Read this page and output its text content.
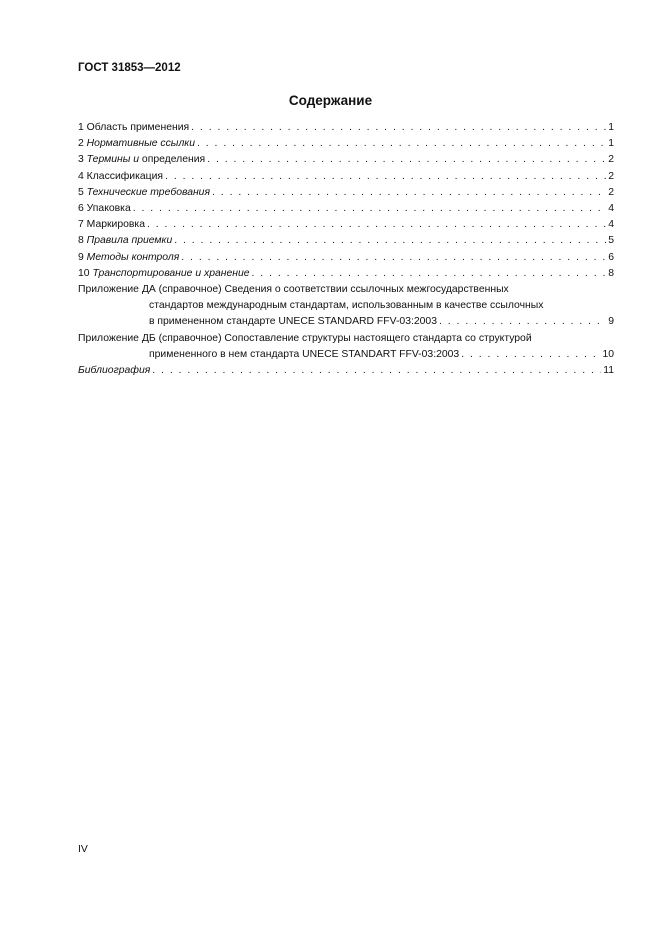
ГОСТ 31853—2012
Содержание
1 Область применения . . .	1
2 Нормативные ссылки . . .	1
3 Термины и определения . . .	2
4 Классификация . . .	2
5 Технические требования . . .	2
6 Упаковка . . .	4
7 Маркировка . . .	4
8 Правила приемки . . .	5
9 Методы контроля . . .	6
10 Транспортирование и хранение . . .	8
Приложение ДА (справочное) Сведения о соответствии ссылочных межгосударственных
стандартов международным стандартам, использованным в качестве ссылочных
в примененном стандарте UNECE STANDARD FFV-03:2003 . . .	9
Приложение ДБ (справочное) Сопоставление структуры настоящего стандарта со структурой
примененного в нем стандарта UNECE STANDART FFV-03:2003 . . .	10
Библиография . . .	11
IV
